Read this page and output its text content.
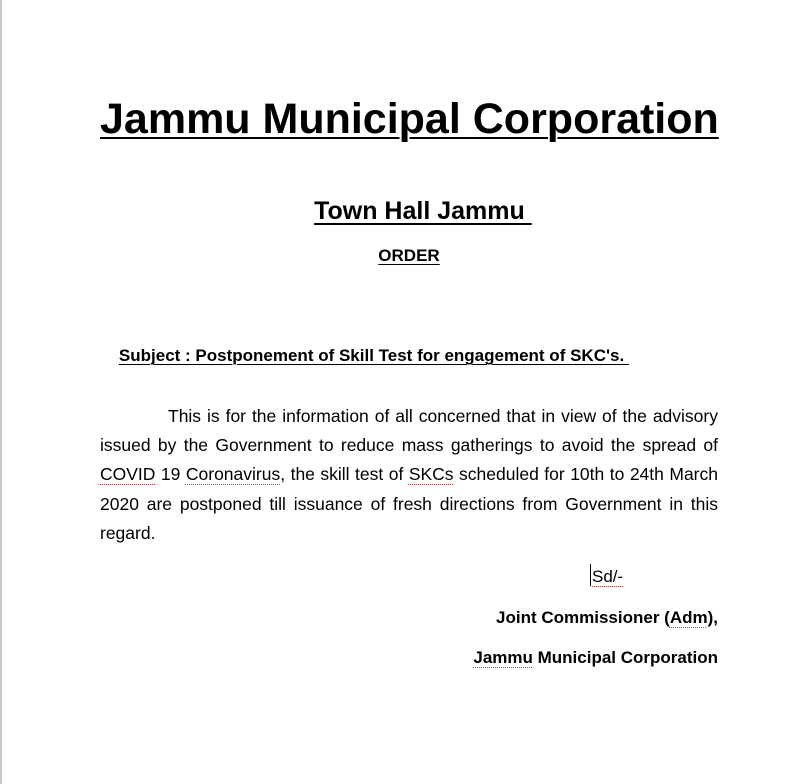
Jammu Municipal Corporation

Town Hall Jammu

ORDER

Subject : Postponement of Skill Test for engagement of SKC's.

This is for the information of all concerned that in view of the advisory issued by the Government to reduce mass gatherings to avoid the spread of COVID 19 Coronavirus, the skill test of SKCs scheduled for 10th to 24th March 2020 are postponed till issuance of fresh directions from Government in this regard.
Sd/-
Joint Commissioner (Adm),
Jammu Municipal Corporation
